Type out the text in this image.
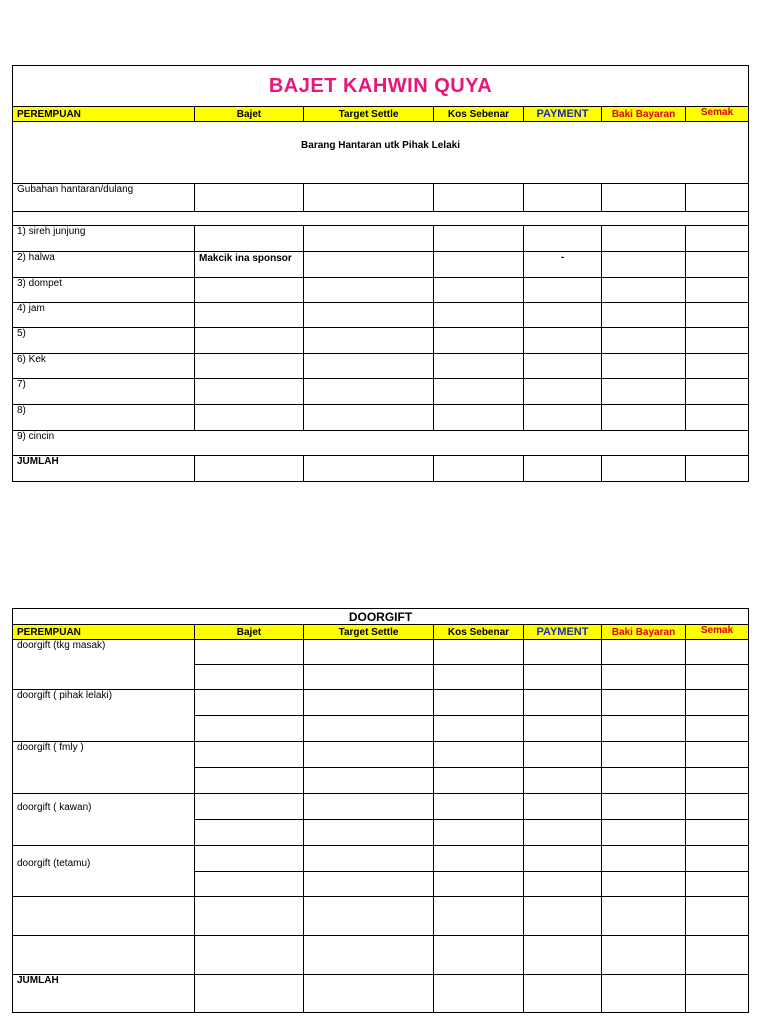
BAJET KAHWIN QUYA						
PEREMPUAN	Bajet	Target Settle	Kos Sebenar	PAYMENT	Baki Bayaran	Semak
Barang Hantaran utk Pihak Lelaki						
Gubahan hantaran/dulang						

1) sireh junjung						
2) halwa	Makcik ina sponsor			-		
3) dompet						
4) jam						
5)						
6) Kek						
7)						
8)						
9) cincin						
JUMLAH						
DOORGIFT						
PEREMPUAN	Bajet	Target Settle	Kos Sebenar	PAYMENT	Baki Bayaran	Semak
doorgift (tkg masak)						

doorgift ( pihak lelaki)						

doorgift ( fmly )						

doorgift ( kawan)						

doorgift (tetamu)						

JUMLAH						
